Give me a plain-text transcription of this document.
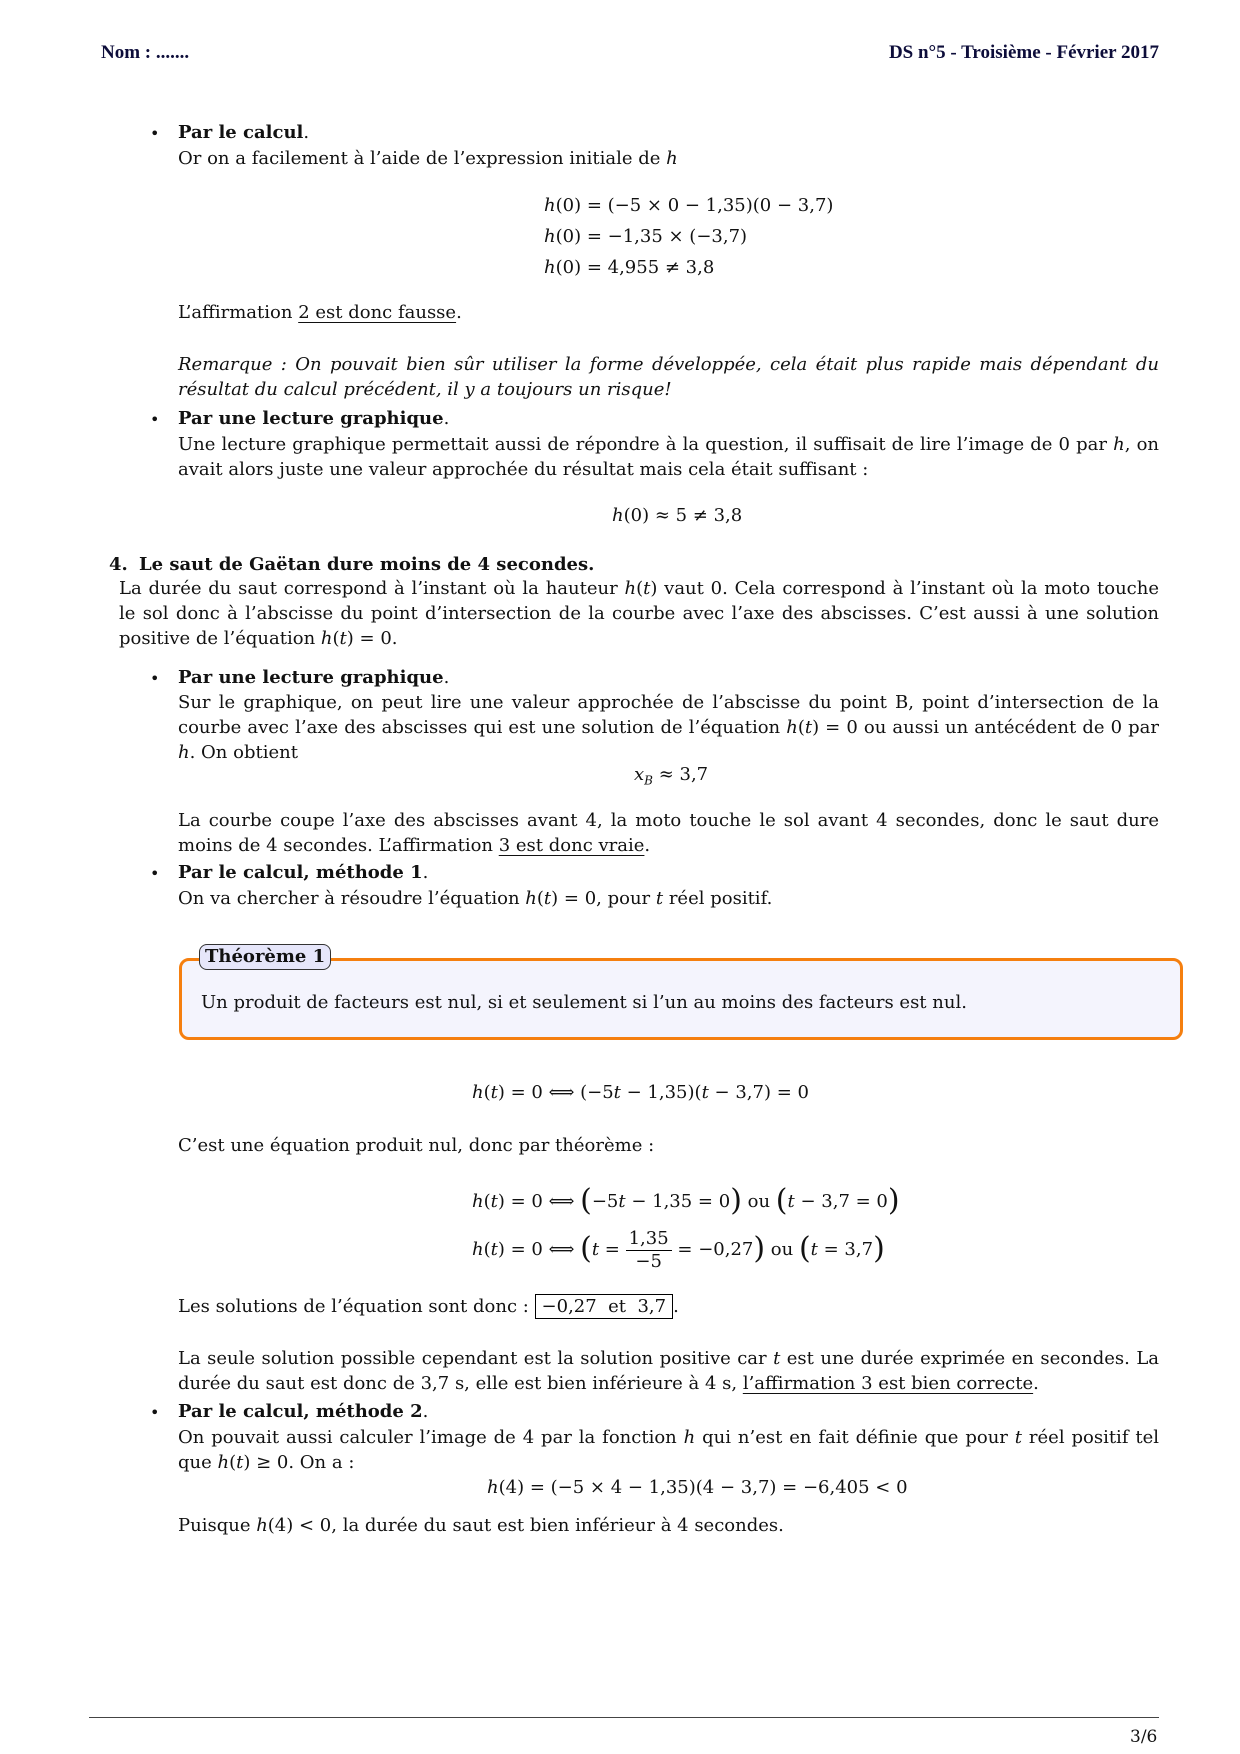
Nom : .......	DS n°5 - Troisième - Février 2017
• Par le calcul.
Or on a facilement à l’aide de l’expression initiale de h
h(0) = (−5 × 0 − 1,35)(0 − 3,7)
h(0) = −1,35 × (−3,7)
h(0) = 4,955 ≠ 3,8
L’affirmation 2 est donc fausse.
Remarque : On pouvait bien sûr utiliser la forme développée, cela était plus rapide mais dépendant du résultat du calcul précédent, il y a toujours un risque!
• Par une lecture graphique.
Une lecture graphique permettait aussi de répondre à la question, il suffisait de lire l’image de 0 par h, on avait alors juste une valeur approchée du résultat mais cela était suffisant :
h(0) ≈ 5 ≠ 3,8
4. Le saut de Gaëtan dure moins de 4 secondes.
La durée du saut correspond à l’instant où la hauteur h(t) vaut 0. Cela correspond à l’instant où la moto touche le sol donc à l’abscisse du point d’intersection de la courbe avec l’axe des abscisses. C’est aussi à une solution positive de l’équation h(t) = 0.
• Par une lecture graphique.
Sur le graphique, on peut lire une valeur approchée de l’abscisse du point B, point d’intersection de la courbe avec l’axe des abscisses qui est une solution de l’équation h(t) = 0 ou aussi un antécédent de 0 par h. On obtient
$x_B \approx 3,7$
La courbe coupe l’axe des abscisses avant 4, la moto touche le sol avant 4 secondes, donc le saut dure moins de 4 secondes. L’affirmation 3 est donc vraie.
• Par le calcul, méthode 1.
On va chercher à résoudre l’équation h(t) = 0, pour t réel positif.
Théorème 1
Un produit de facteurs est nul, si et seulement si l’un au moins des facteurs est nul.
h(t) = 0 ⟺ (−5t − 1,35)(t − 3,7) = 0
C’est une équation produit nul, donc par théorème :
h(t) = 0 ⟺ (−5t − 1,35 = 0) ou (t − 3,7 = 0)
h(t) = 0 ⟺ $(t = \frac{1,35}{-5} = -0,27)$ ou (t = 3,7)
Les solutions de l’équation sont donc : −0,27  et  3,7 .
La seule solution possible cependant est la solution positive car t est une durée exprimée en secondes. La durée du saut est donc de 3,7 s, elle est bien inférieure à 4 s, l’affirmation 3 est bien correcte.
• Par le calcul, méthode 2.
On pouvait aussi calculer l’image de 4 par la fonction h qui n’est en fait définie que pour t réel positif tel que h(t) ≥ 0. On a :
h(4) = (−5 × 4 − 1,35)(4 − 3,7) = −6,405 < 0
Puisque h(4) < 0, la durée du saut est bien inférieur à 4 secondes.
3/6
